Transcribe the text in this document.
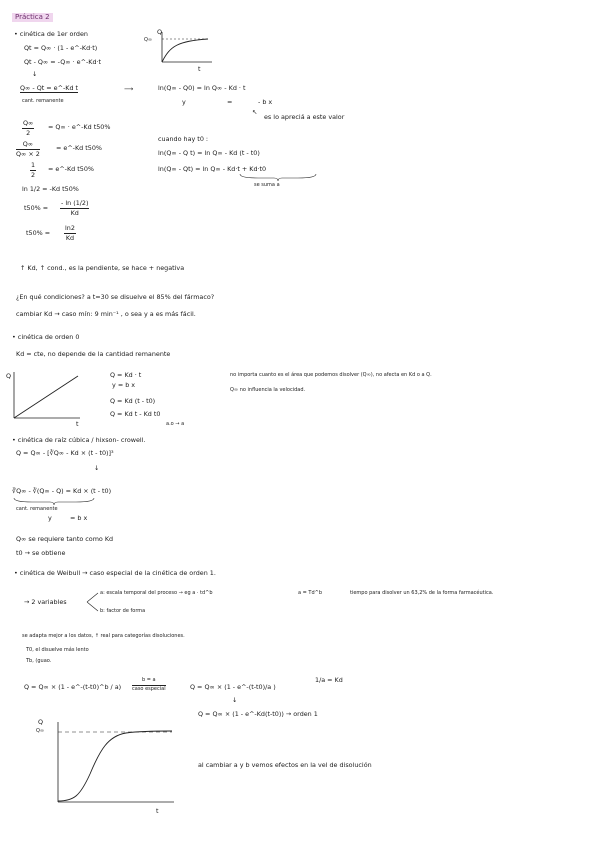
Práctica 2
• cinética de 1er orden
Qt = Q∞ · (1 - e^-Kd·t)
Qt - Q∞ = -Q∞ · e^-Kd·t
↓
Q∞ - Qt = e^-Kd t
cant. remanente
$\frac{Q\infty}{2} = Q\infty$ · e^-Kd t50%
$\frac{Q\infty}{Q\infty \times 2}$	= e^-Kd t50%
$\frac{1}{2}$ = e^-Kd t50%
ln 1/2 = -Kd t50%
$t50\% = \frac{- \ln (1/2)}{Kd}$
$t50\% = \frac{\ln 2}{Kd}$
Q
Q∞
t
⟶	ln(Q∞ - Q0) = ln Q∞ - Kd · t
y	=	- b x
↖
es lo apreciá a este valor
cuando hay t0 :
ln(Q∞ - Q t) = ln Q∞ - Kd (t - t0)
ln(Q∞ - Qt) = ln Q∞ - Kd·t + Kd·t0
se suma a
↑ Kd, ↑ cond., es la pendiente, se hace + negativa
¿En qué condiciones? a t=30 se disuelve el 85% del fármaco?
cambiar Kd → caso mín: 9 min⁻¹ , o sea y a es más fácil.
• cinética de orden 0
Kd = cte, no depende de la cantidad remanente
Q
t
Q = Kd · t
y = b x
Q = Kd (t - t0)
Q = Kd t - Kd t0
a.o → a
no importa cuanto es el área que podemos disolver (Q∞), no afecta en Kd o a Q.
Q∞ no influencia la velocidad.
• cinética de raíz cúbica / hixson- crowell.
Q = Q∞ - [∛Q∞ - Kd × (t - t0)]³
↓
∛Q∞ - ∛(Q∞ - Q) = Kd × (t - t0)
cant. remanente
y	= b x
Q∞ se requiere tanto como Kd
t0 → se obtiene
• cinética de Weibull → caso especial de la cinética de orden 1.
→ 2 variables
a: escala temporal del proceso → eg a · td^b	a = Td^b	tiempo para disolver un 63,2% de la forma farmacéutica.
b: factor de forma
se adapta mejor a los datos, ↑ real para categorías disoluciones.
T0, el disuelve más lento
Tb, (guao.
Q = Q∞ × (1 - e^-(t-t0)^b / a)
b = a
caso especial	Q = Q∞ × (1 - e^-(t-t0)/a )
1/a = Kd
↓
Q = Q∞ × (1 - e^-Kd(t-t0)) → orden 1
Q
Q∞
t
al cambiar a y b vemos efectos en la vel de disolución
